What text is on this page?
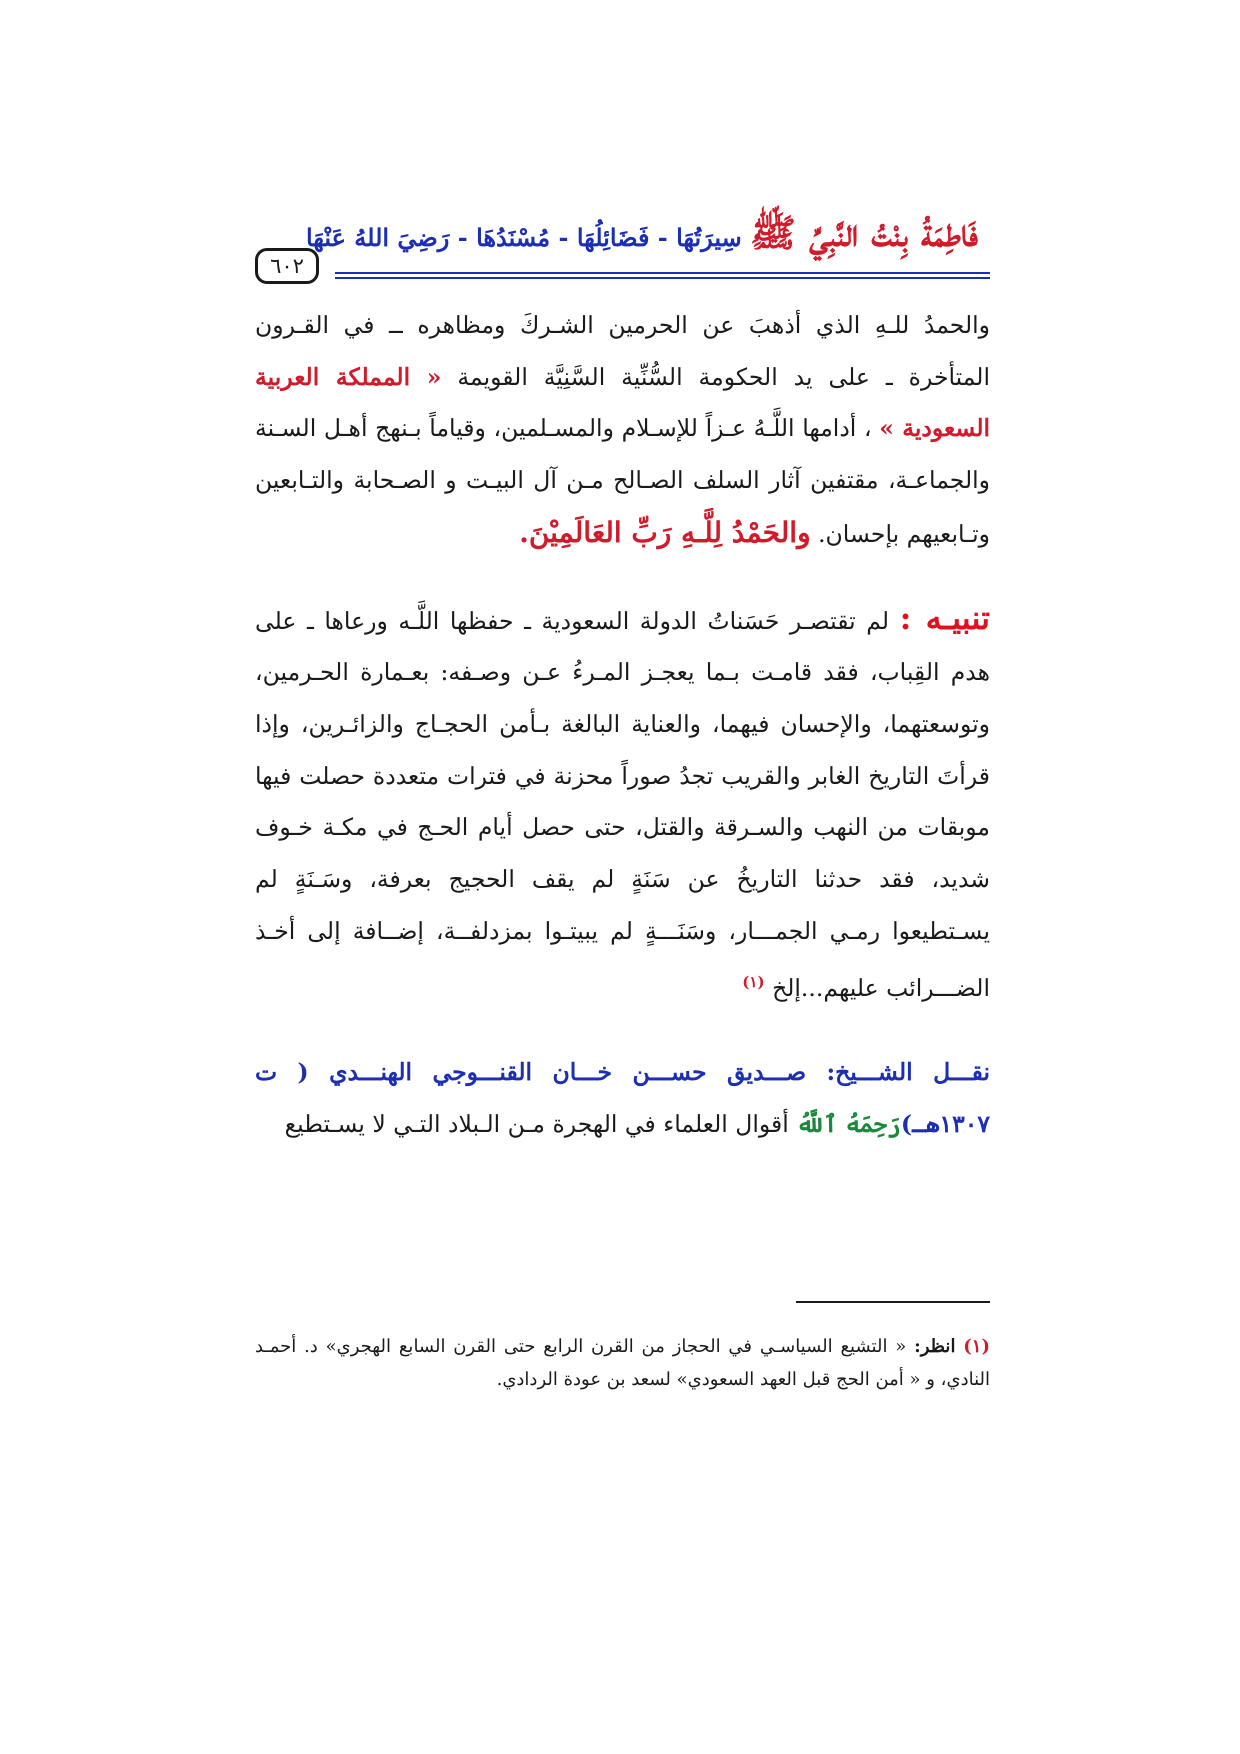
٦٠٢
فَاطِمَةُ بِنْتُ النَّبِيِّ ﷺ سِيرَتُهَا - فَضَائِلُهَا - مُسْنَدُهَا - رَضِيَ اللهُ عَنْهَا

والحمدُ للـهِ الذي أذهبَ عن الحرمين الشـركَ ومظاهره ــ في القـرون المتأخرة ـ على يد الحكومة السُّنِّية السَّنِيَّة القويمة « المملكة العربية السعودية » ، أدامها اللَّـهُ عـزاً للإسـلام والمسـلمين، وقياماً بـنهج أهـل السـنة والجماعـة، مقتفين آثار السلف الصـالح مـن آل البيـت و الصـحابة والتـابعين وتـابعيهم بإحسان. والحَمْدُ لِلَّـهِ رَبِّ العَالَمِيْنَ.

تنبيـه : لم تقتصـر حَسَناتُ الدولة السعودية ـ حفظها اللَّـه ورعاها ـ على هدم القِباب، فقد قامـت بـما يعجـز المـرءُ عـن وصـفه: بعـمارة الحـرمين، وتوسعتهما، والإحسان فيهما، والعناية البالغة بـأمن الحجـاج والزائـرين، وإذا قرأتَ التاريخ الغابر والقريب تجدُ صوراً محزنة في فترات متعددة حصلت فيها موبقات من النهب والسـرقة والقتل، حتى حصل أيام الحـج في مكـة خـوف شديد، فقد حدثنا التاريخُ عن سَنَةٍ لم يقف الحجيج بعرفة، وسَـنَةٍ لم يسـتطيعوا رمـي الجمـــار، وسَنَـــةٍ لم يبيتـوا بمزدلفــة، إضــافة إلى أخـذ الضـــرائب عليهم...إلخ $^{(١)}$

نقـــل الشـــيخ: صـــديق حســـن خـــان القنـــوجي الهنـــدي ( ت ١٣٠٧هـ)رَحِمَهُ ٱللَّهُ أقوال العلماء في الهجرة مـن الـبلاد التـي لا يسـتطيع

(١) انظر: « التشيع السياسـي في الحجاز من القرن الرابع حتى القرن السابع الهجري» د. أحمـد النادي، و « أمن الحج قبل العهد السعودي» لسعد بن عودة الردادي.
